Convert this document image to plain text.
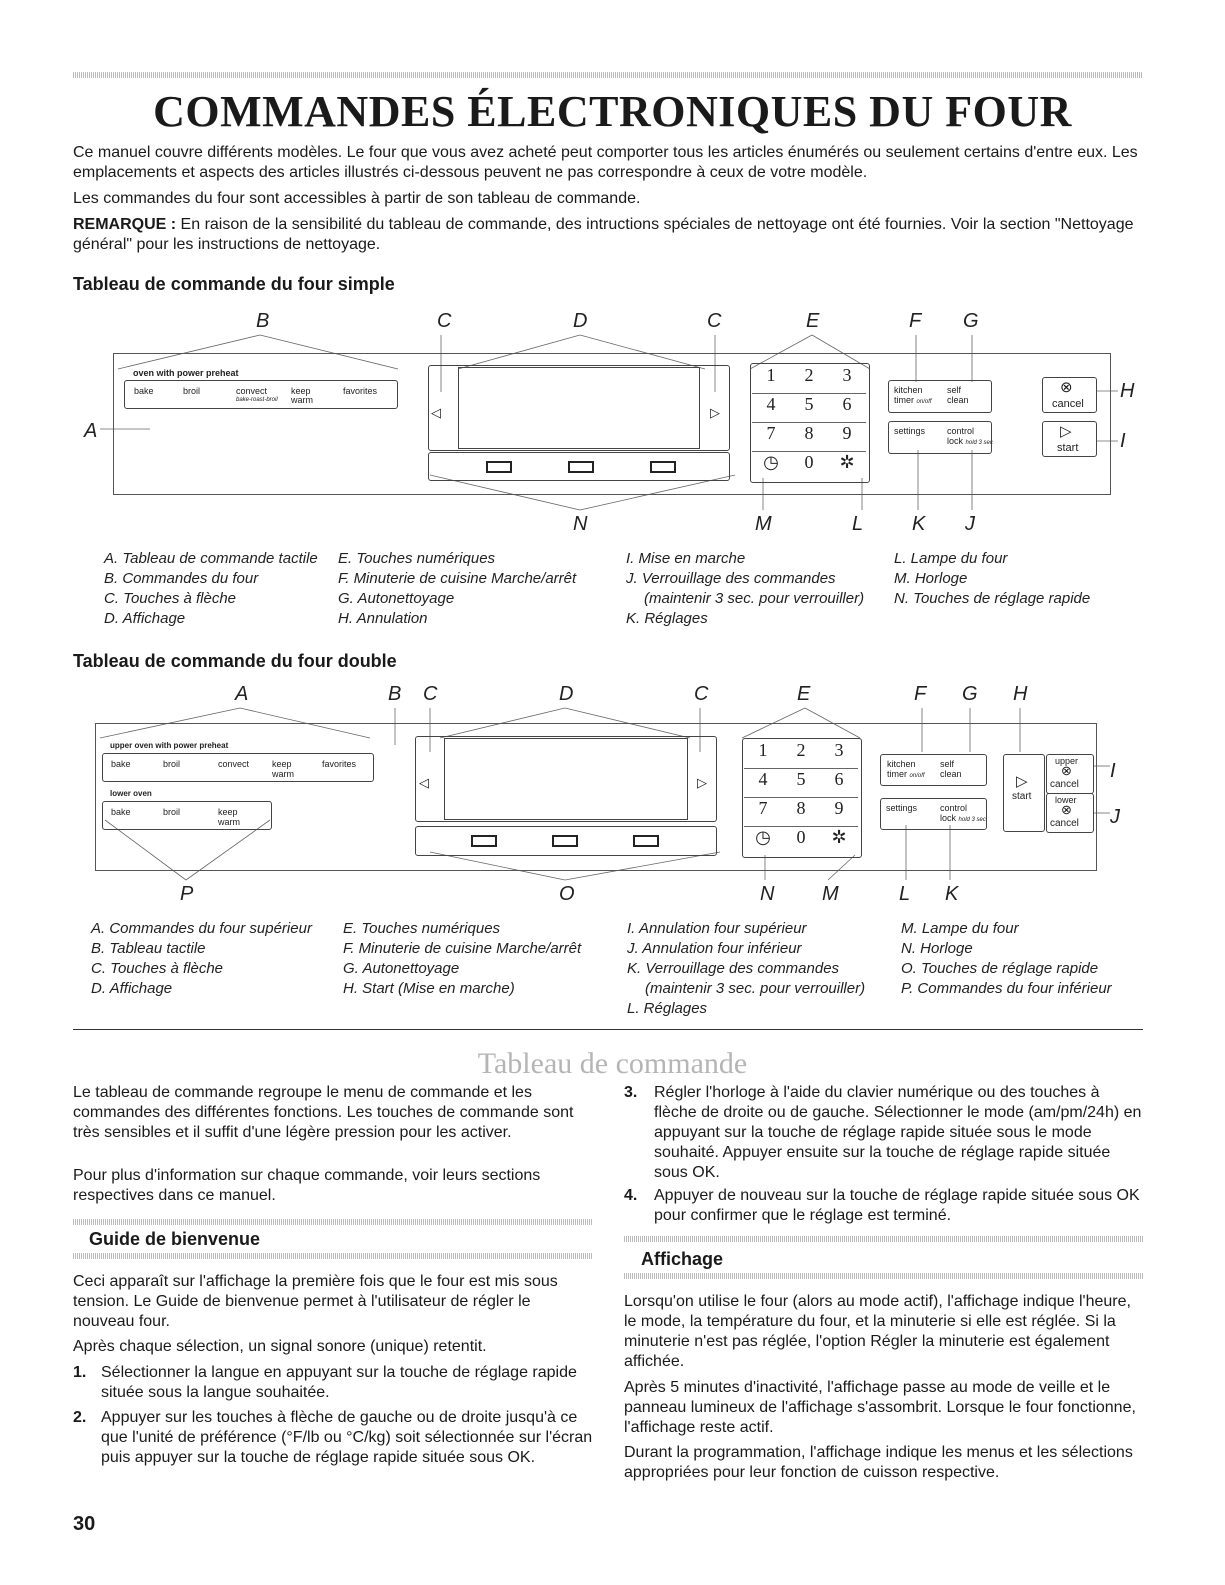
COMMANDES ÉLECTRONIQUES DU FOUR
Ce manuel couvre différents modèles. Le four que vous avez acheté peut comporter tous les articles énumérés ou seulement certains d'entre eux. Les emplacements et aspects des articles illustrés ci-dessous peuvent ne pas correspondre à ceux de votre modèle.
Les commandes du four sont accessibles à partir de son tableau de commande.
REMARQUE : En raison de la sensibilité du tableau de commande, des intructions spéciales de nettoyage ont été fournies. Voir la section "Nettoyage général" pour les instructions de nettoyage.
Tableau de commande du four simple
B	C	D	C	E	F G
A
H
I
N	M	L K J
oven with power preheat
bake	broil	convect
bake-roast-broil
keep
warm
favorites
◁	▷
1	2	3
4	5	6
7	8	9
◷	0	✲
kitchen
timer on/off
self
clean
settings control
lock hold 3 sec
⊗
cancel
▷
start
A. Tableau de commande tactile
B. Commandes du four
C. Touches à flèche
D. Affichage
E. Touches numériques
F. Minuterie de cuisine Marche/arrêt
G. Autonettoyage
H. Annulation
I. Mise en marche
J. Verrouillage des commandes
(maintenir 3 sec. pour verrouiller)
K. Réglages
L. Lampe du four
M. Horloge
N. Touches de réglage rapide
Tableau de commande du four double
A	B C	D	C	E	F G H
I
J
P	O	N M	L K
upper oven with power preheat
bake	broil	convect	keep
warm
favorites
lower oven
bake	broil	keep
warm
◁	▷
1	2	3
4	5	6
7	8	9
◷	0	✲
kitchen
timer on/off
self
clean
settings	control
lock hold 3 sec
▷
start
upper
⊗
cancel
lower
⊗
cancel
A. Commandes du four supérieur
B. Tableau tactile
C. Touches à flèche
D. Affichage
E. Touches numériques
F. Minuterie de cuisine Marche/arrêt
G. Autonettoyage
H. Start (Mise en marche)
I. Annulation four supérieur
J. Annulation four inférieur
K. Verrouillage des commandes
(maintenir 3 sec. pour verrouiller)
L. Réglages
M. Lampe du four
N. Horloge
O. Touches de réglage rapide
P. Commandes du four inférieur
Tableau de commande
Le tableau de commande regroupe le menu de commande et les commandes des différentes fonctions. Les touches de commande sont très sensibles et il suffit d'une légère pression pour les activer.
Pour plus d'information sur chaque commande, voir leurs sections respectives dans ce manuel.
Guide de bienvenue
Ceci apparaît sur l'affichage la première fois que le four est mis sous tension. Le Guide de bienvenue permet à l'utilisateur de régler le nouveau four.
Après chaque sélection, un signal sonore (unique) retentit.
1. Sélectionner la langue en appuyant sur la touche de réglage rapide située sous la langue souhaitée.
2. Appuyer sur les touches à flèche de gauche ou de droite jusqu'à ce que l'unité de préférence (°F/lb ou °C/kg) soit sélectionnée sur l'écran puis appuyer sur la touche de réglage rapide située sous OK.
3. Régler l'horloge à l'aide du clavier numérique ou des touches à flèche de droite ou de gauche. Sélectionner le mode (am/pm/24h) en appuyant sur la touche de réglage rapide située sous le mode souhaité. Appuyer ensuite sur la touche de réglage rapide située sous OK.
4. Appuyer de nouveau sur la touche de réglage rapide située sous OK pour confirmer que le réglage est terminé.
Affichage
Lorsqu'on utilise le four (alors au mode actif), l'affichage indique l'heure, le mode, la température du four, et la minuterie si elle est réglée. Si la minuterie n'est pas réglée, l'option Régler la minuterie est également affichée.
Après 5 minutes d'inactivité, l'affichage passe au mode de veille et le panneau lumineux de l'affichage s'assombrit. Lorsque le four fonctionne, l'affichage reste actif.
Durant la programmation, l'affichage indique les menus et les sélections appropriées pour leur fonction de cuisson respective.
30
